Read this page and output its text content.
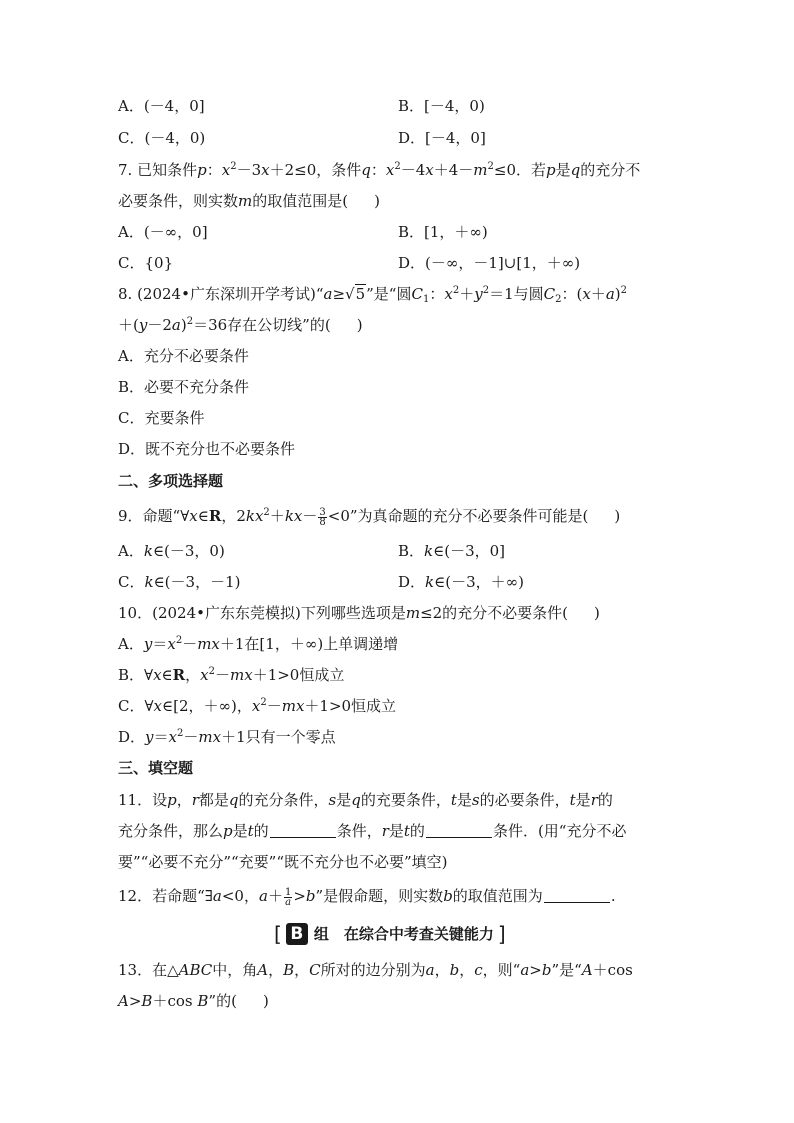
A．(－4，0]	B．[－4，0)
C．(－4，0)	D．[－4，0]
7. 已知条件p：$x^2-3x+2\le 0$，条件q：$x^2-4x+4-m^2\le 0$．若p是q的充分不
必要条件，则实数m的取值范围是( )
A．(－∞，0]	B．[1，＋∞)
C．{0}	D．(－∞，－1]∪[1，＋∞)
8. (2024•广东深圳开学考试)“a≥√5”是“圆$C_1$：$x^2+y^2=1$与圆$C_2$：$(x+a)^2$
$+(y-2a)^2=36$存在公切线”的( )
A．充分不必要条件
B．必要不充分条件
C．充要条件
D．既不充分也不必要条件
二、多项选择题
9．命题“∀x∈R，$2kx^2+kx- \frac{3}{8} <0$”为真命题的充分不必要条件可能是( )
A．k∈(－3，0)	B．k∈(－3，0]
C．k∈(－3，－1)	D．k∈(－3，＋∞)
10．(2024•广东东莞模拟)下列哪些选项是m≤2的充分不必要条件( )
A．$y=x^2-mx+1$在[1，＋∞)上单调递增
B．∀x∈R，$x^2-mx+1>0$恒成立
C．∀x∈[2，＋∞)，$x^2-mx+1>0$恒成立
D．$y=x^2-mx+1$只有一个零点
三、填空题
11．设p，r都是q的充分条件，s是q的充要条件，t是s的必要条件，t是r的
充分条件，那么p是t的	条件，r是t的	条件．(用“充分不必
要”“必要不充分”“充要”“既不充分也不必要”填空)
12．若命题“∃a<0，$a+ \frac{1}{a} >b$”是假命题，则实数b的取值范围为	.
[ B 组　在综合中考查关键能力 ]
13．在△ABC中，角A，B，C所对的边分别为a，b，c，则“a>b”是“A＋cos
A>B＋cos B”的( )
